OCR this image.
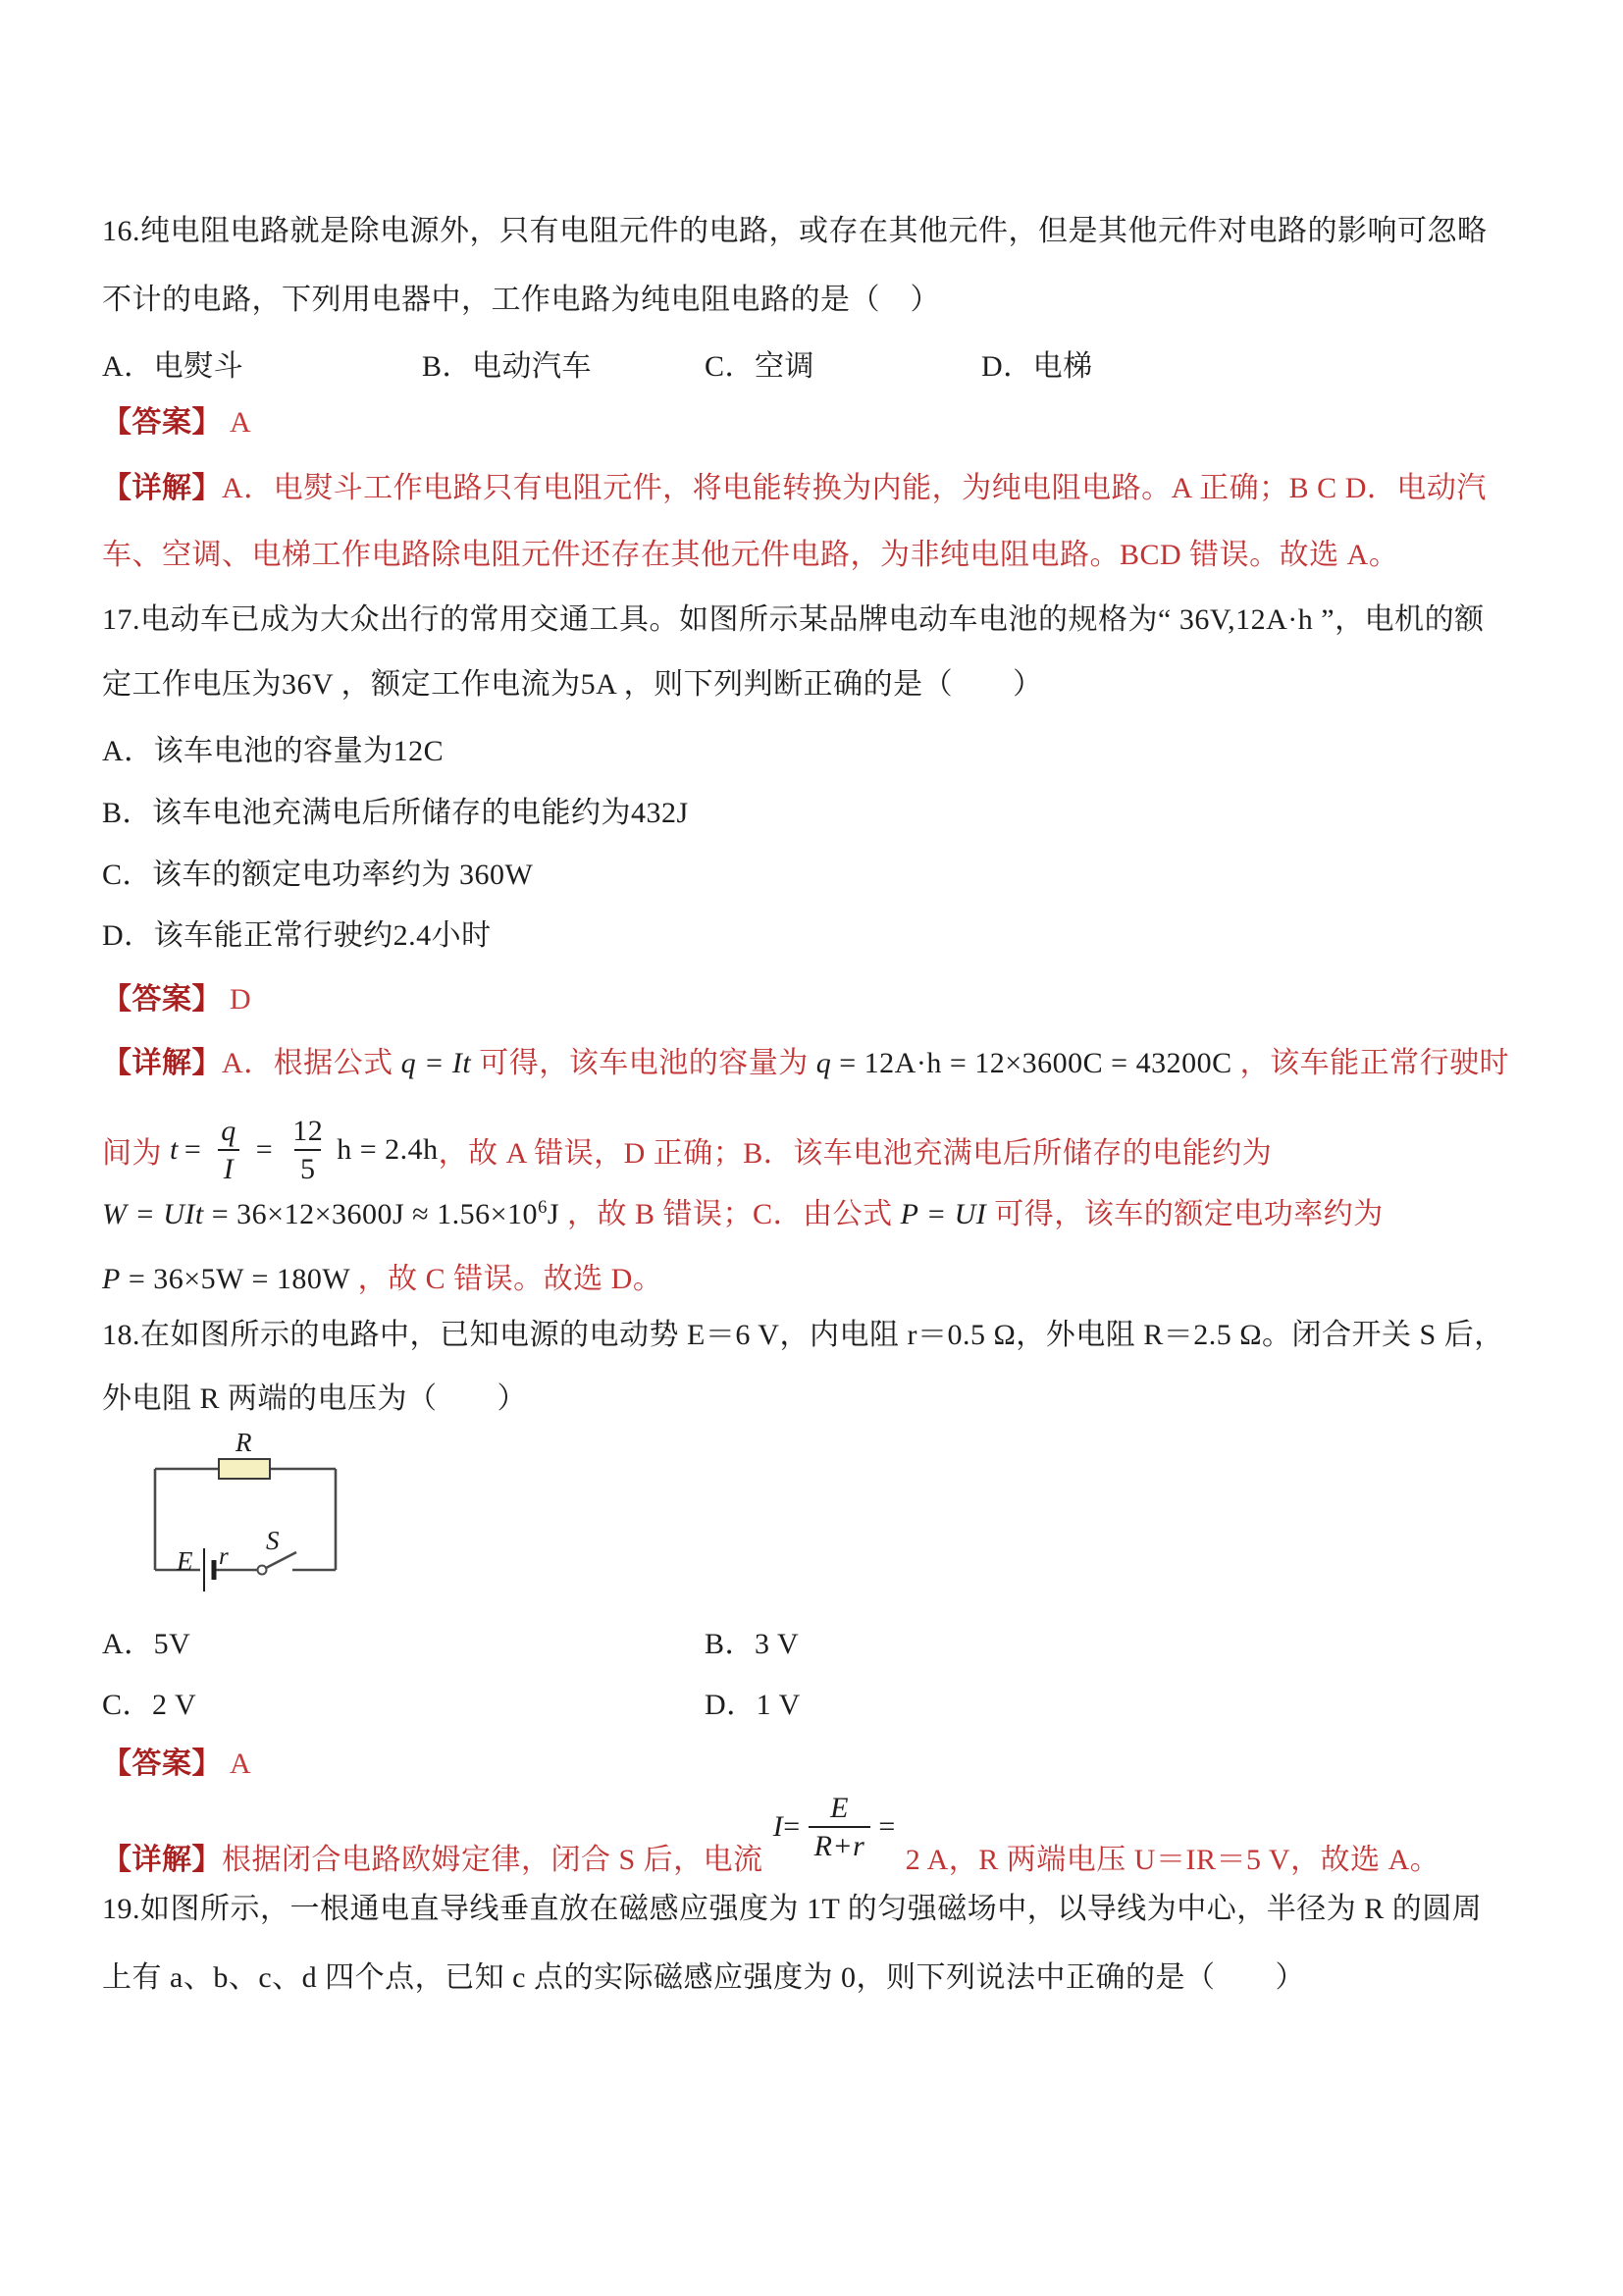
16.纯电阻电路就是除电源外，只有电阻元件的电路，或存在其他元件，但是其他元件对电路的影响可忽略
不计的电路，下列用电器中，工作电路为纯电阻电路的是（　）
A．电熨斗	B．电动汽车	C．空调	D．电梯
【答案】 A
【详解】A．电熨斗工作电路只有电阻元件，将电能转换为内能，为纯电阻电路。A 正确；B C D．电动汽
车、空调、电梯工作电路除电阻元件还存在其他元件电路，为非纯电阻电路。BCD 错误。故选 A。
17.电动车已成为大众出行的常用交通工具。如图所示某品牌电动车电池的规格为“ 36V,12A·h ”，电机的额
定工作电压为36V ，额定工作电流为5A ，则下列判断正确的是（　　）
A．该车电池的容量为12C
B．该车电池充满电后所储存的电能约为432J
C．该车的额定电功率约为 360W
D．该车能正常行驶约2.4小时
【答案】 D
【详解】A．根据公式 q = It 可得，该车电池的容量为 q = 12A·h = 12×3600C = 43200C ，该车能正常行驶时
间为 $t = \frac{q}{I} = \frac{12}{5}$ h = 2.4h ，故 A 错误，D 正确；B．该车电池充满电后所储存的电能约为
W = UIt = $36\times 12\times 3600J \approx 1.56\times 10^6J$ ，故 B 错误；C．由公式 P = UI 可得，该车的额定电功率约为
P = 36×5W = 180W ，故 C 错误。故选 D。
18.在如图所示的电路中，已知电源的电动势 E＝6 V，内电阻 r＝0.5 Ω，外电阻 R＝2.5 Ω。闭合开关 S 后，
外电阻 R 两端的电压为（　　）
R
E r
S
A．5V	B．3 V
C．2 V	D．1 V
【答案】 A
【详解】 根据闭合电路欧姆定律，闭合 S 后，电流
$I = \frac{E}{R+r}$ =
2 A，R 两端电压 U＝IR＝5 V，故选 A。
19.如图所示，一根通电直导线垂直放在磁感应强度为 1T 的匀强磁场中，以导线为中心，半径为 R 的圆周
上有 a、b、c、d 四个点，已知 c 点的实际磁感应强度为 0，则下列说法中正确的是（　　）
